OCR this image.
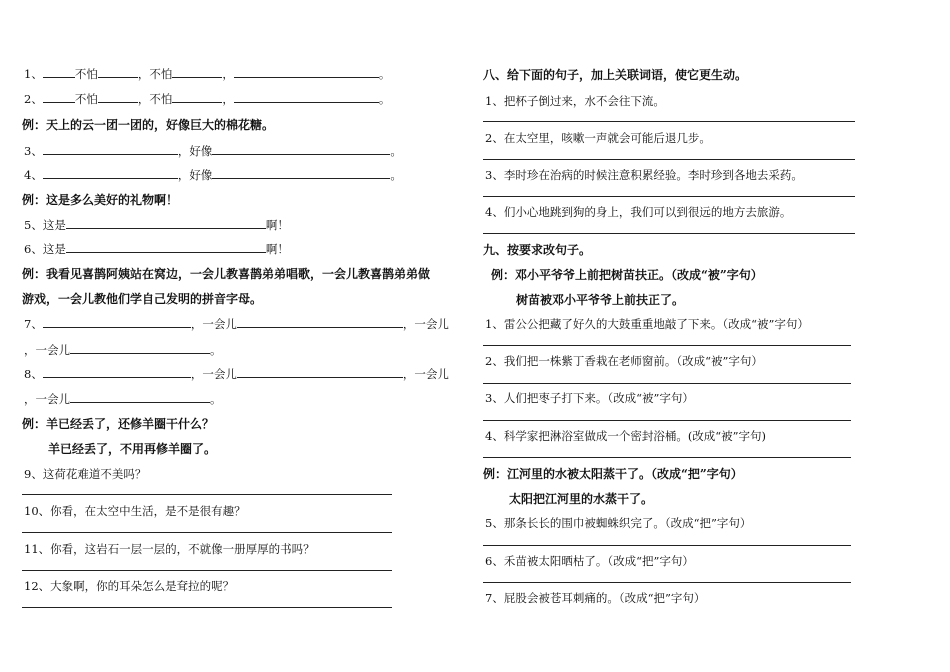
1、	不怕	，不怕	，	。
2、	不怕	，不怕	，	。
例：天上的云一团一团的，好像巨大的棉花糖。
3、	，好像	。
4、	，好像	。
例：这是多么美好的礼物啊！
5、这是	啊！
6、这是	啊！
例：我看见喜鹊阿姨站在窝边，一会儿教喜鹊弟弟唱歌，一会儿教喜鹊弟弟做
游戏，一会儿教他们学自己发明的拼音字母。
7、	，一会儿	，一会儿
，一会儿	。
8、	，一会儿	，一会儿
，一会儿	。
例：羊已经丢了，还修羊圈干什么？
羊已经丢了，不用再修羊圈了。
9、这荷花难道不美吗？
10、你看，在太空中生活，是不是很有趣？
11、你看，这岩石一层一层的，不就像一册厚厚的书吗？
12、大象啊，你的耳朵怎么是耷拉的呢？
八、给下面的句子，加上关联词语，使它更生动。
1、把杯子倒过来，水不会往下流。
2、在太空里，咳嗽一声就会可能后退几步。
3、李时珍在治病的时候注意积累经验。李时珍到各地去采药。
4、们小心地跳到狗的身上，我们可以到很远的地方去旅游。
九、按要求改句子。
例：邓小平爷爷上前把树苗扶正。（改成“被”字句）
树苗被邓小平爷爷上前扶正了。
1、雷公公把藏了好久的大鼓重重地敲了下来。（改成“被”字句）
2、我们把一株紫丁香栽在老师窗前。（改成“被”字句）
3、人们把枣子打下来。（改成“被”字句）
4、科学家把淋浴室做成一个密封浴桶。(改成“被”字句)
例：江河里的水被太阳蒸干了。（改成“把”字句）
太阳把江河里的水蒸干了。
5、那条长长的围巾被蜘蛛织完了。（改成“把”字句）
6、禾苗被太阳晒枯了。（改成“把”字句）
7、屁股会被苍耳刺痛的。（改成“把”字句）
